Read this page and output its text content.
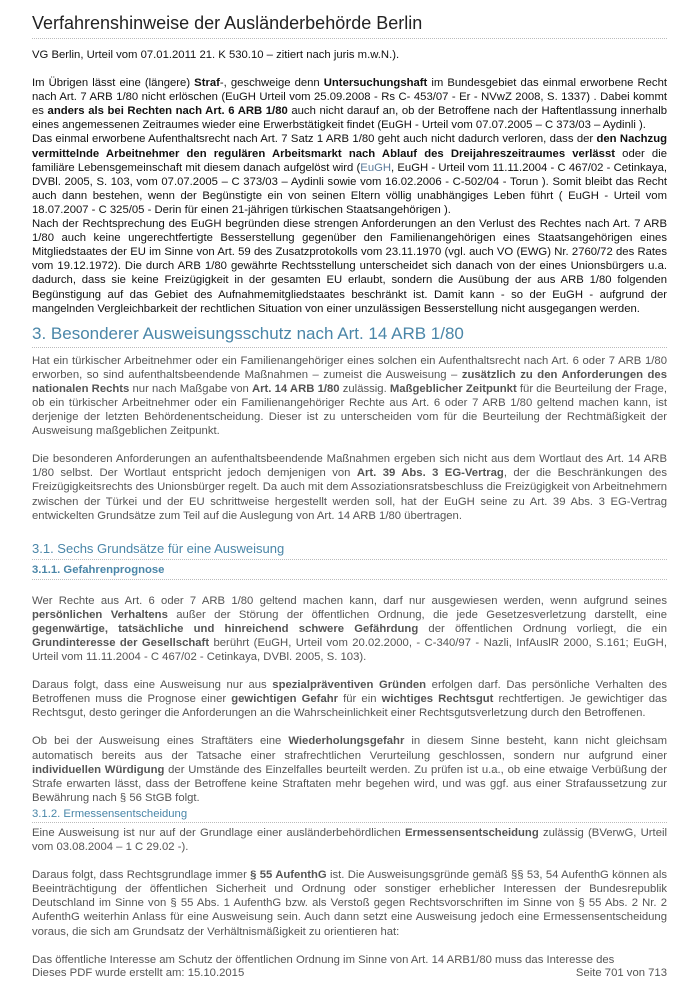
Verfahrenshinweise der Ausländerbehörde Berlin

VG Berlin, Urteil vom 07.01.2011 21. K 530.10 – zitiert nach juris m.w.N.).

Im Übrigen lässt eine (längere) Straf-, geschweige denn Untersuchungshaft im Bundesgebiet das einmal erworbene Recht nach Art. 7 ARB 1/80 nicht erlöschen (EuGH Urteil vom 25.09.2008 - Rs C- 453/07 - Er - NVwZ 2008, S. 1337) . Dabei kommt es anders als bei Rechten nach Art. 6 ARB 1/80 auch nicht darauf an, ob der Betroffene nach der Haftentlassung innerhalb eines angemessenen Zeitraumes wieder eine Erwerbstätigkeit findet (EuGH - Urteil vom 07.07.2005 – C 373/03 – Aydinli ).

Das einmal erworbene Aufenthaltsrecht nach Art. 7 Satz 1 ARB 1/80 geht auch nicht dadurch verloren, dass der den Nachzug vermittelnde Arbeitnehmer den regulären Arbeitsmarkt nach Ablauf des Dreijahreszeitraumes verlässt oder die familiäre Lebensgemeinschaft mit diesem danach aufgelöst wird (EuGH, EuGH - Urteil vom 11.11.2004 - C 467/02 - Cetinkaya, DVBl. 2005, S. 103, vom 07.07.2005 – C 373/03 – Aydinli sowie vom 16.02.2006 - C-502/04 - Torun ). Somit bleibt das Recht auch dann bestehen, wenn der Begünstigte ein von seinen Eltern völlig unabhängiges Leben führt ( EuGH - Urteil vom 18.07.2007 - C 325/05 - Derin für einen 21-jährigen türkischen Staatsangehörigen ).

Nach der Rechtsprechung des EuGH begründen diese strengen Anforderungen an den Verlust des Rechtes nach Art. 7 ARB 1/80 auch keine ungerechtfertigte Besserstellung gegenüber den Familienangehörigen eines Staatsangehörigen eines Mitgliedstaates der EU im Sinne von Art. 59 des Zusatzprotokolls vom 23.11.1970 (vgl. auch VO (EWG) Nr. 2760/72 des Rates vom 19.12.1972). Die durch ARB 1/80 gewährte Rechtsstellung unterscheidet sich danach von der eines Unionsbürgers u.a. dadurch, dass sie keine Freizügigkeit in der gesamten EU erlaubt, sondern die Ausübung der aus ARB 1/80 folgenden Begünstigung auf das Gebiet des Aufnahmemitgliedstaates beschränkt ist. Damit kann - so der EuGH - aufgrund der mangelnden Vergleichbarkeit der rechtlichen Situation von einer unzulässigen Besserstellung nicht ausgegangen werden.

3. Besonderer Ausweisungsschutz nach Art. 14 ARB 1/80

Hat ein türkischer Arbeitnehmer oder ein Familienangehöriger eines solchen ein Aufenthaltsrecht nach Art. 6 oder 7 ARB 1/80 erworben, so sind aufenthaltsbeendende Maßnahmen – zumeist die Ausweisung – zusätzlich zu den Anforderungen des nationalen Rechts nur nach Maßgabe von Art. 14 ARB 1/80 zulässig. Maßgeblicher Zeitpunkt für die Beurteilung der Frage, ob ein türkischer Arbeitnehmer oder ein Familienangehöriger Rechte aus Art. 6 oder 7 ARB 1/80 geltend machen kann, ist derjenige der letzten Behördenentscheidung. Dieser ist zu unterscheiden vom für die Beurteilung der Rechtmäßigkeit der Ausweisung maßgeblichen Zeitpunkt.

Die besonderen Anforderungen an aufenthaltsbeendende Maßnahmen ergeben sich nicht aus dem Wortlaut des Art. 14 ARB 1/80 selbst. Der Wortlaut entspricht jedoch demjenigen von Art. 39 Abs. 3 EG-Vertrag, der die Beschränkungen des Freizügigkeitsrechts des Unionsbürger regelt. Da auch mit dem Assoziationsratsbeschluss die Freizügigkeit von Arbeitnehmern zwischen der Türkei und der EU schrittweise hergestellt werden soll, hat der EuGH seine zu Art. 39 Abs. 3 EG-Vertrag entwickelten Grundsätze zum Teil auf die Auslegung von Art. 14 ARB 1/80 übertragen.

3.1. Sechs Grundsätze für eine Ausweisung
3.1.1. Gefahrenprognose

Wer Rechte aus Art. 6 oder 7 ARB 1/80 geltend machen kann, darf nur ausgewiesen werden, wenn aufgrund seines persönlichen Verhaltens außer der Störung der öffentlichen Ordnung, die jede Gesetzesverletzung darstellt, eine gegenwärtige, tatsächliche und hinreichend schwere Gefährdung der öffentlichen Ordnung vorliegt, die ein Grundinteresse der Gesellschaft berührt (EuGH, Urteil vom 20.02.2000, - C-340/97 - Nazli, InfAuslR 2000, S.161; EuGH, Urteil vom 11.11.2004 - C 467/02 - Cetinkaya, DVBl. 2005, S. 103).

Daraus folgt, dass eine Ausweisung nur aus spezialpräventiven Gründen erfolgen darf. Das persönliche Verhalten des Betroffenen muss die Prognose einer gewichtigen Gefahr für ein wichtiges Rechtsgut rechtfertigen. Je gewichtiger das Rechtsgut, desto geringer die Anforderungen an die Wahrscheinlichkeit einer Rechtsgutsverletzung durch den Betroffenen.

Ob bei der Ausweisung eines Straftäters eine Wiederholungsgefahr in diesem Sinne besteht, kann nicht gleichsam automatisch bereits aus der Tatsache einer strafrechtlichen Verurteilung geschlossen, sondern nur aufgrund einer individuellen Würdigung der Umstände des Einzelfalles beurteilt werden. Zu prüfen ist u.a., ob eine etwaige Verbüßung der Strafe erwarten lässt, dass der Betroffene keine Straftaten mehr begehen wird, und was ggf. aus einer Strafaussetzung zur Bewährung nach § 56 StGB folgt.

3.1.2. Ermessensentscheidung

Eine Ausweisung ist nur auf der Grundlage einer ausländerbehördlichen Ermessensentscheidung zulässig (BVerwG, Urteil vom 03.08.2004 – 1 C 29.02 -).

Daraus folgt, dass Rechtsgrundlage immer § 55 AufenthG ist. Die Ausweisungsgründe gemäß §§ 53, 54 AufenthG können als Beeinträchtigung der öffentlichen Sicherheit und Ordnung oder sonstiger erheblicher Interessen der Bundesrepublik Deutschland im Sinne von § 55 Abs. 1 AufenthG bzw. als Verstoß gegen Rechtsvorschriften im Sinne von § 55 Abs. 2 Nr. 2 AufenthG weiterhin Anlass für eine Ausweisung sein. Auch dann setzt eine Ausweisung jedoch eine Ermessensentscheidung voraus, die sich am Grundsatz der Verhältnismäßigkeit zu orientieren hat:

Das öffentliche Interesse am Schutz der öffentlichen Ordnung im Sinne von Art. 14 ARB1/80 muss das Interesse des

Dieses PDF wurde erstellt am: 15.10.2015	Seite 701 von 713
